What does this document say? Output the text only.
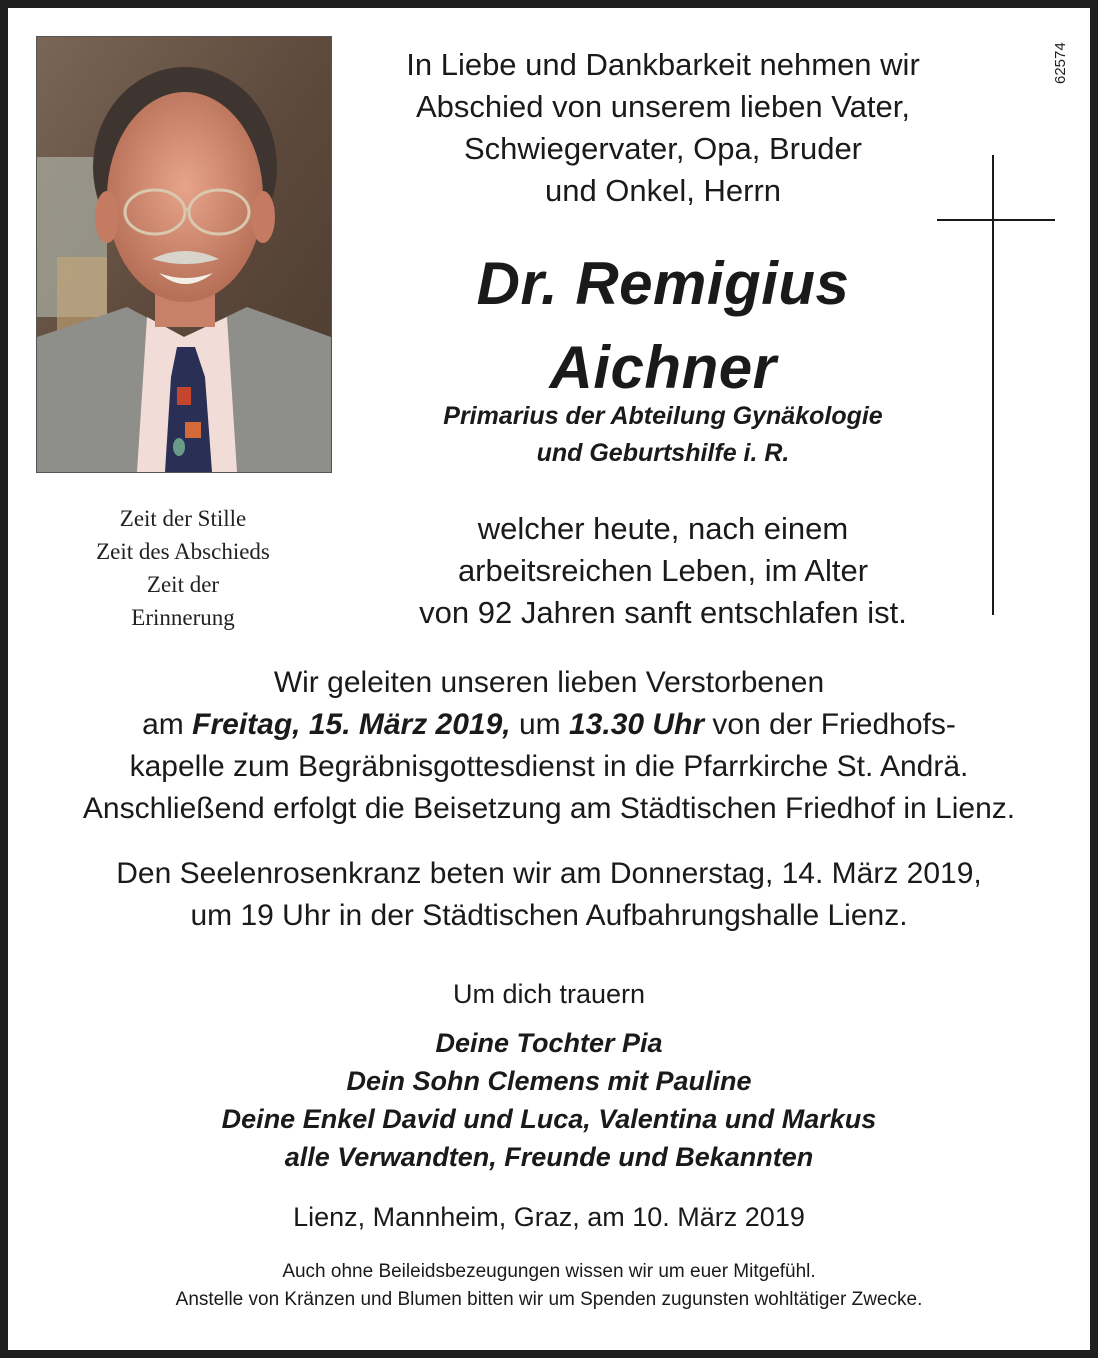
Zeit der Stille
Zeit des Abschieds
Zeit der
Erinnerung
In Liebe und Dankbarkeit nehmen wir
Abschied von unserem lieben Vater,
Schwiegervater, Opa, Bruder
und Onkel, Herrn
Dr. Remigius
Aichner
Primarius der Abteilung Gynäkologie
und Geburtshilfe i. R.
welcher heute, nach einem
arbeitsreichen Leben, im Alter
von 92 Jahren sanft entschlafen ist.
62574
Wir geleiten unseren lieben Verstorbenen
am Freitag, 15. März 2019, um 13.30 Uhr von der Friedhofs-
kapelle zum Begräbnisgottesdienst in die Pfarrkirche St. Andrä.
Anschließend erfolgt die Beisetzung am Städtischen Friedhof in Lienz.
Den Seelenrosenkranz beten wir am Donnerstag, 14. März 2019,
um 19 Uhr in der Städtischen Aufbahrungshalle Lienz.
Um dich trauern
Deine Tochter Pia
Dein Sohn Clemens mit Pauline
Deine Enkel David und Luca, Valentina und Markus
alle Verwandten, Freunde und Bekannten
Lienz, Mannheim, Graz, am 10. März 2019
Auch ohne Beileidsbezeugungen wissen wir um euer Mitgefühl.
Anstelle von Kränzen und Blumen bitten wir um Spenden zugunsten wohltätiger Zwecke.
